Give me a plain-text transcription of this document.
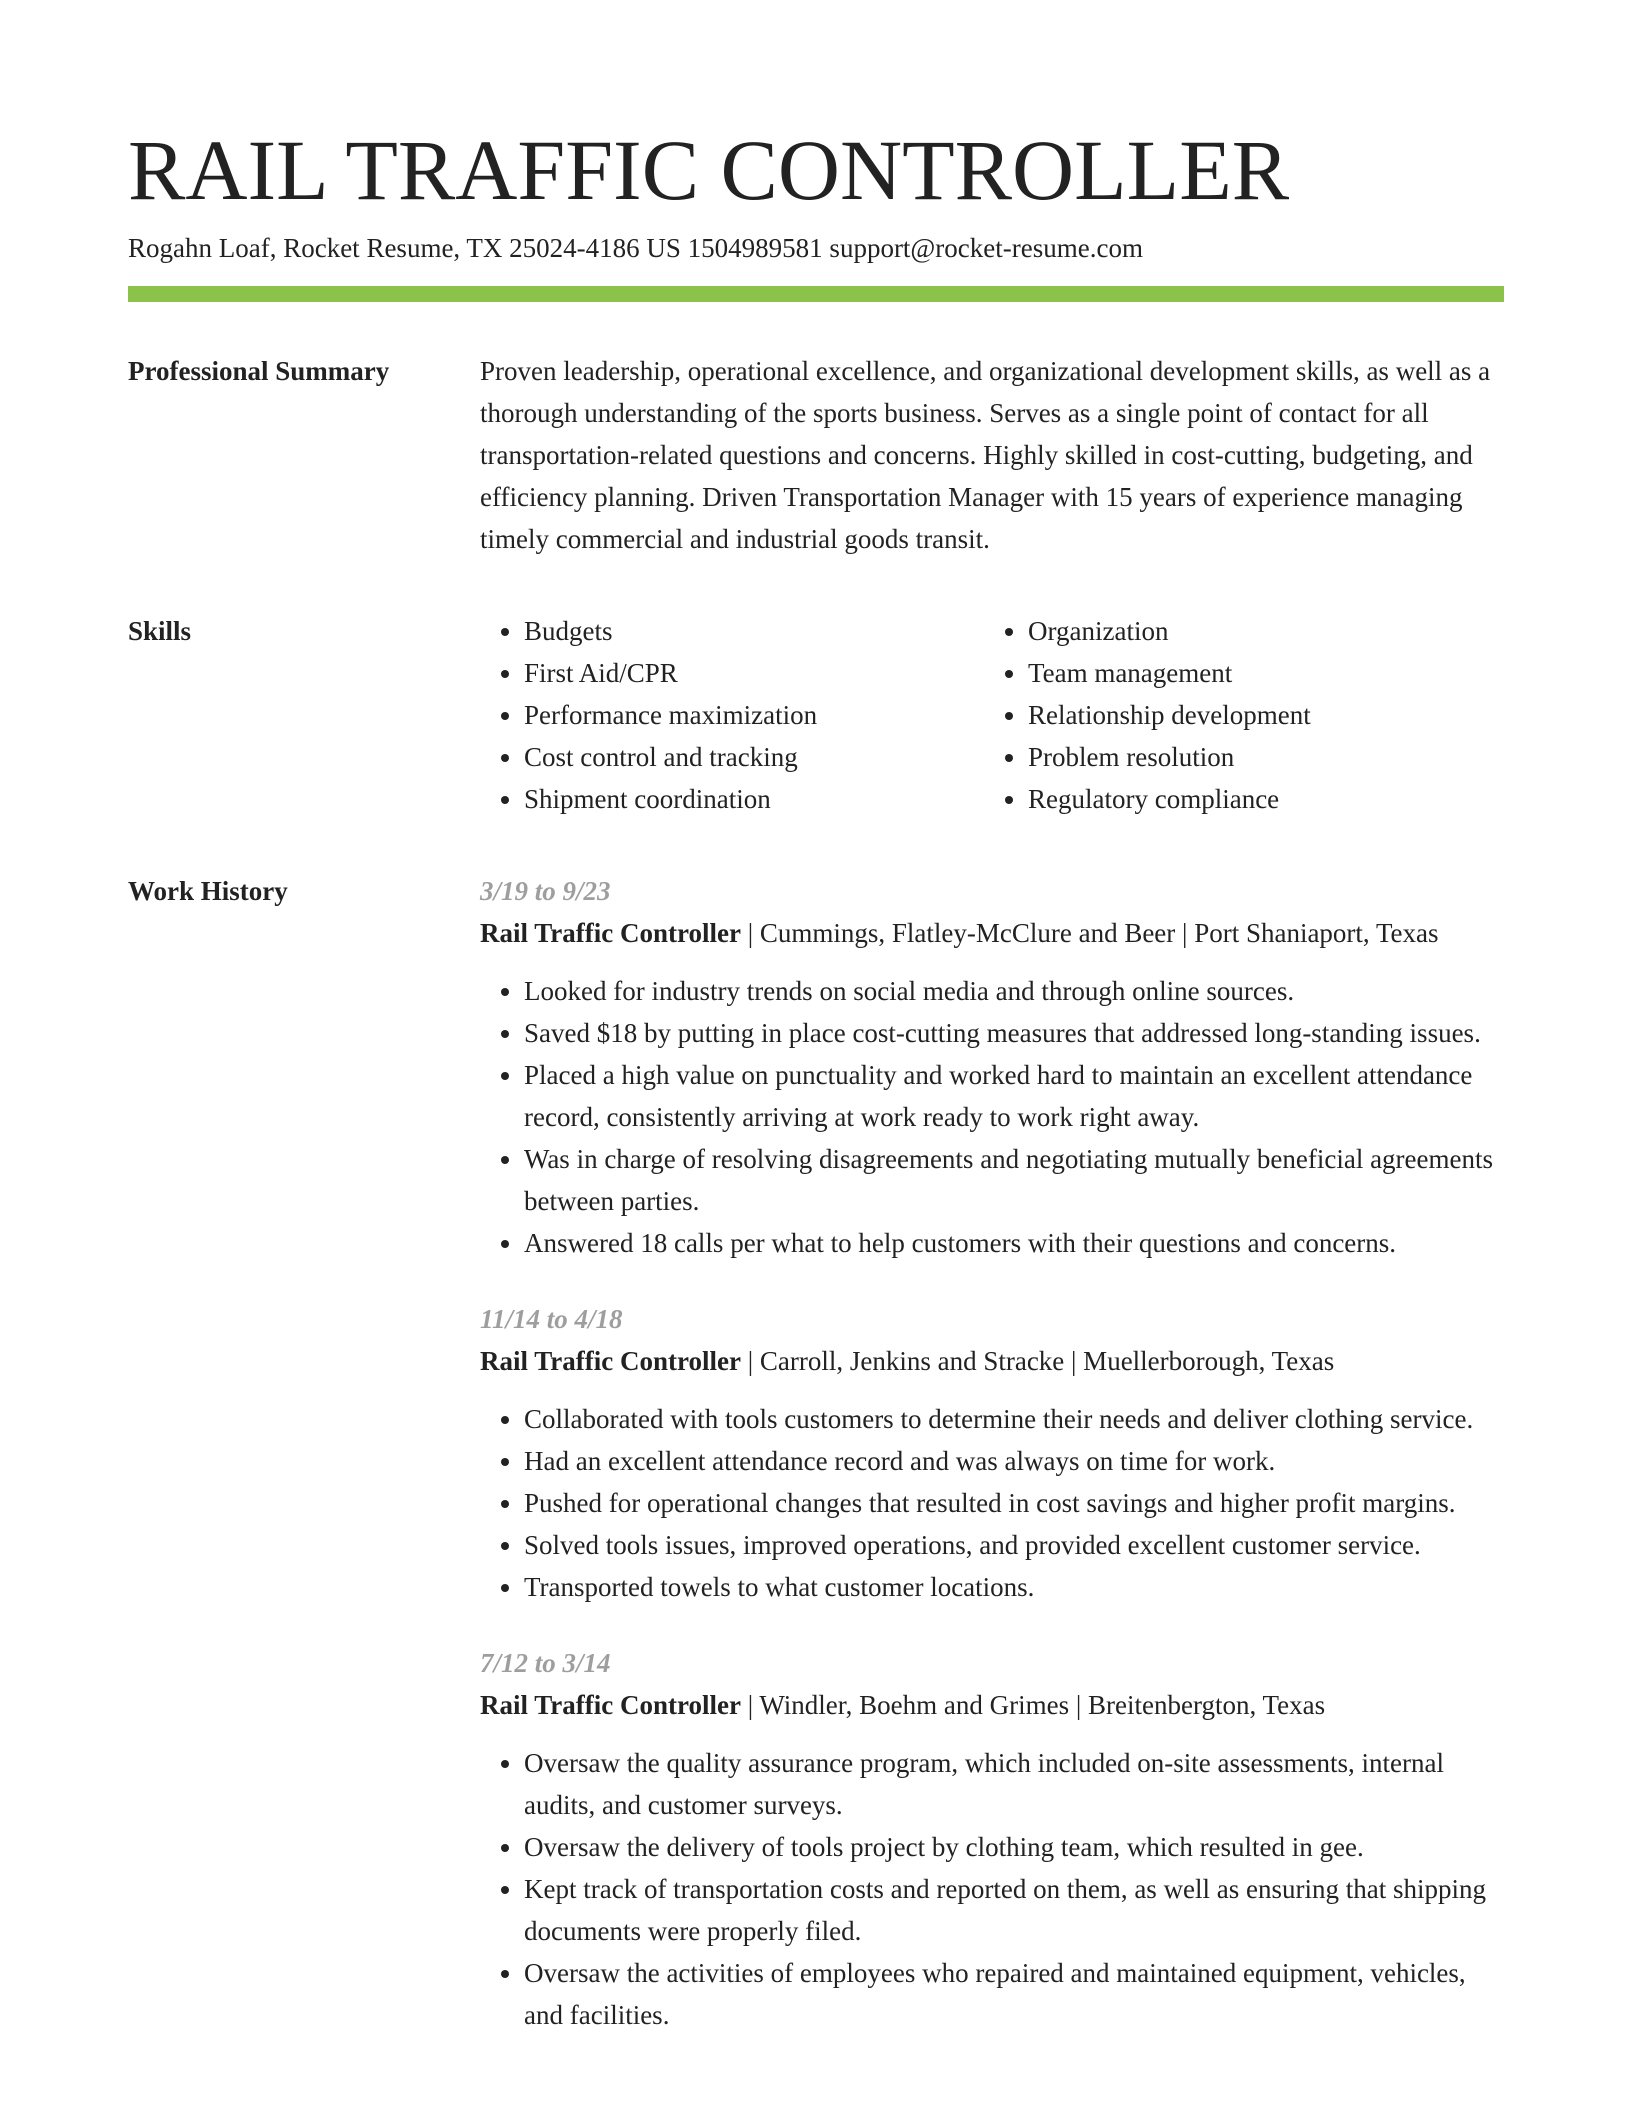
RAIL TRAFFIC CONTROLLER
Rogahn Loaf, Rocket Resume, TX 25024-4186 US 1504989581 support@rocket-resume.com
Professional Summary	Proven leadership, operational excellence, and organizational development skills, as well as a thorough understanding of the sports business. Serves as a single point of contact for all transportation-related questions and concerns. Highly skilled in cost-cutting, budgeting, and efficiency planning. Driven Transportation Manager with 15 years of experience managing timely commercial and industrial goods transit.

Skills
•	Budgets
• First Aid/CPR
• Performance maximization
• Cost control and tracking
• Shipment coordination
• Organization
• Team management
• Relationship development
• Problem resolution
• Regulatory compliance
Work History	3/19 to 9/23
Rail Traffic Controller | Cummings, Flatley-McClure and Beer | Port Shaniaport, Texas
• Looked for industry trends on social media and through online sources.
• Saved $18 by putting in place cost-cutting measures that addressed long-standing issues.
• Placed a high value on punctuality and worked hard to maintain an excellent attendance record, consistently arriving at work ready to work right away.
• Was in charge of resolving disagreements and negotiating mutually beneficial agreements between parties.
• Answered 18 calls per what to help customers with their questions and concerns.
11/14 to 4/18
Rail Traffic Controller | Carroll, Jenkins and Stracke | Muellerborough, Texas
• Collaborated with tools customers to determine their needs and deliver clothing service.
• Had an excellent attendance record and was always on time for work.
• Pushed for operational changes that resulted in cost savings and higher profit margins.
• Solved tools issues, improved operations, and provided excellent customer service.
• Transported towels to what customer locations.
7/12 to 3/14
Rail Traffic Controller | Windler, Boehm and Grimes | Breitenbergton, Texas
• Oversaw the quality assurance program, which included on-site assessments, internal audits, and customer surveys.
• Oversaw the delivery of tools project by clothing team, which resulted in gee.
• Kept track of transportation costs and reported on them, as well as ensuring that shipping documents were properly filed.
• Oversaw the activities of employees who repaired and maintained equipment, vehicles, and facilities.
